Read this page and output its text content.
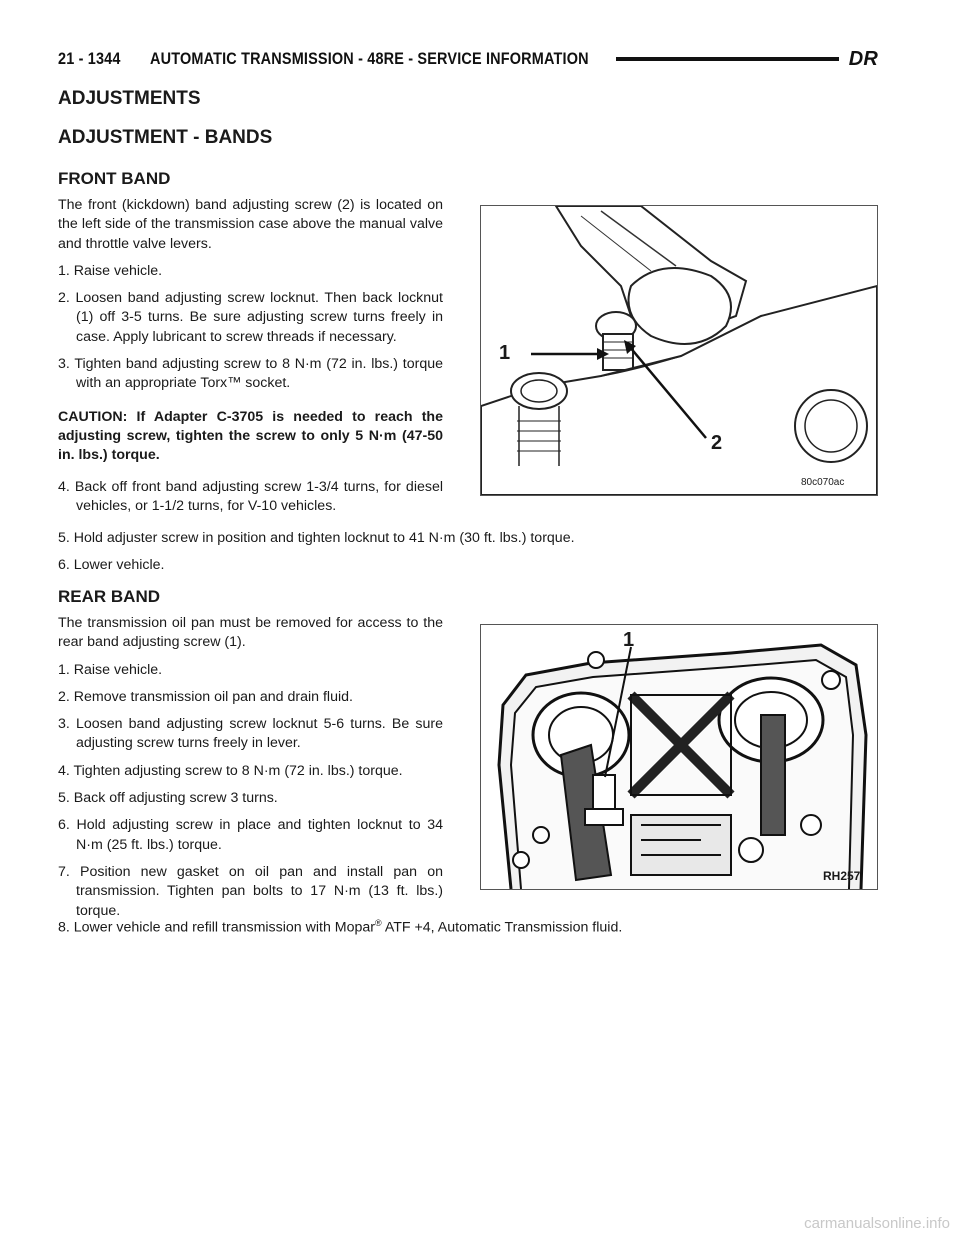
21 - 1344 AUTOMATIC TRANSMISSION - 48RE - SERVICE INFORMATION	DR
ADJUSTMENTS
ADJUSTMENT - BANDS
FRONT BAND

The front (kickdown) band adjusting screw (2) is located on the left side of the transmission case above the manual valve and throttle valve levers.

1. Raise vehicle.

2. Loosen band adjusting screw locknut. Then back locknut (1) off 3-5 turns. Be sure adjusting screw turns freely in case. Apply lubricant to screw threads if necessary.

3. Tighten band adjusting screw to 8 N·m (72 in. lbs.) torque with an appropriate Torx™ socket.

CAUTION: If Adapter C-3705 is needed to reach the adjusting screw, tighten the screw to only 5 N·m (47-50 in. lbs.) torque.

4. Back off front band adjusting screw 1-3/4 turns, for diesel vehicles, or 1-1/2 turns, for V-10 vehicles.

5. Hold adjuster screw in position and tighten locknut to 41 N·m (30 ft. lbs.) torque.

6. Lower vehicle.

1
2
80c070ac
REAR BAND

The transmission oil pan must be removed for access to the rear band adjusting screw (1).

1. Raise vehicle.

2. Remove transmission oil pan and drain fluid.

3. Loosen band adjusting screw locknut 5-6 turns. Be sure adjusting screw turns freely in lever.

4. Tighten adjusting screw to 8 N·m (72 in. lbs.) torque.

5. Back off adjusting screw 3 turns.

6. Hold adjusting screw in place and tighten locknut to 34 N·m (25 ft. lbs.) torque.

7. Position new gasket on oil pan and install pan on transmission. Tighten pan bolts to 17 N·m (13 ft. lbs.) torque.

8. Lower vehicle and refill transmission with Mopar® ATF +4, Automatic Transmission fluid.

1
RH257
carmanualsonline.info
